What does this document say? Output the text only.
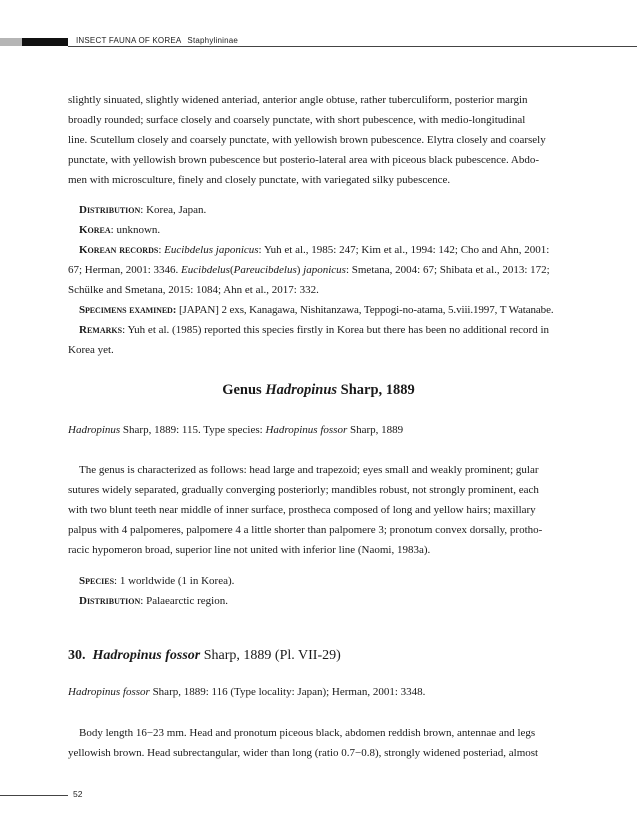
INSECT FAUNA OF KOREA Staphylininae

slightly sinuated, slightly widened anteriad, anterior angle obtuse, rather tuberculiform, posterior margin

broadly rounded; surface closely and coarsely punctate, with short pubescence, with medio-longitudinal

line. Scutellum closely and coarsely punctate, with yellowish brown pubescence. Elytra closely and coarsely

punctate, with yellowish brown pubescence but posterio-lateral area with piceous black pubescence. Abdo-

men with microsculture, finely and closely punctate, with variegated silky pubescence.

Distribution: Korea, Japan.

Korea: unknown.

Korean records: Eucibdelus japonicus: Yuh et al., 1985: 247; Kim et al., 1994: 142; Cho and Ahn, 2001:

67; Herman, 2001: 3346. Eucibdelus(Pareucibdelus) japonicus: Smetana, 2004: 67; Shibata et al., 2013: 172;

Schülke and Smetana, 2015: 1084; Ahn et al., 2017: 332.

Specimens examined: [JAPAN] 2 exs, Kanagawa, Nishitanzawa, Teppogi-no-atama, 5.viii.1997, T Watanabe.

Remarks: Yuh et al. (1985) reported this species firstly in Korea but there has been no additional record in

Korea yet.

Genus Hadropinus Sharp, 1889

Hadropinus Sharp, 1889: 115. Type species: Hadropinus fossor Sharp, 1889

The genus is characterized as follows: head large and trapezoid; eyes small and weakly prominent; gular

sutures widely separated, gradually converging posteriorly; mandibles robust, not strongly prominent, each

with two blunt teeth near middle of inner surface, prostheca composed of long and yellow hairs; maxillary

palpus with 4 palpomeres, palpomere 4 a little shorter than palpomere 3; pronotum convex dorsally, protho-

racic hypomeron broad, superior line not united with inferior line (Naomi, 1983a).

Species: 1 worldwide (1 in Korea).

Distribution: Palaearctic region.

30. Hadropinus fossor Sharp, 1889 (Pl. VII-29)

Hadropinus fossor Sharp, 1889: 116 (Type locality: Japan); Herman, 2001: 3348.

Body length 16−23 mm. Head and pronotum piceous black, abdomen reddish brown, antennae and legs

yellowish brown. Head subrectangular, wider than long (ratio 0.7−0.8), strongly widened posteriad, almost

52
